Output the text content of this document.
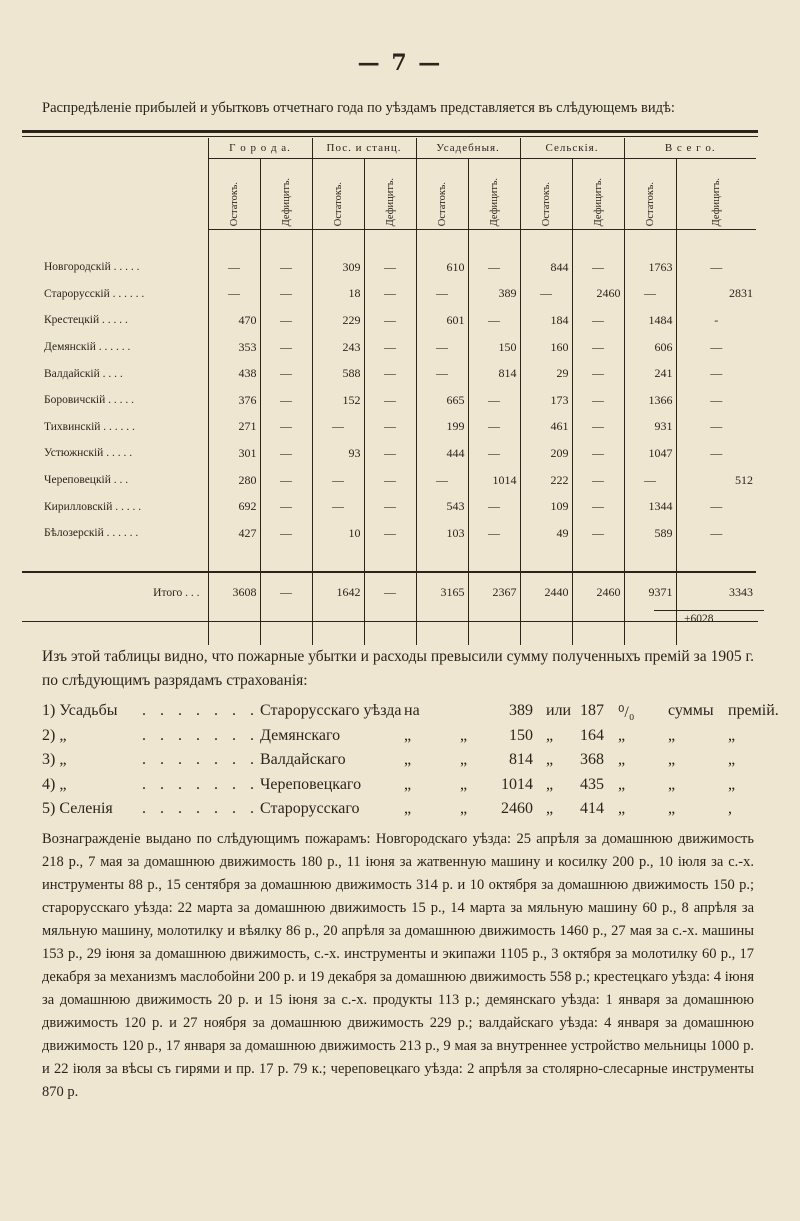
— 7 —
Распредѣленіе прибылей и убытковъ отчетнаго года по уѣздамъ представляется въ слѣдующемъ видѣ:
	Г о р о д а.		Пос. и станц.		Усадебныя.		Сельскія.		В с е г о.	
	Остатокъ.	Дефицитъ.	Остатокъ.	Дефицитъ.	Остатокъ.	Дефицитъ.	Остатокъ.	Дефицитъ.	Остатокъ.	Дефицитъ.

Новгородскій . . . . .	—	—	309	—	610	—	844	—	1763	—
Старорусскій . . . . . .	—	—	18	—	—	389	—	2460	—	2831
Крестецкій . . . . .	470	—	229	—	601	—	184	—	1484	-
Демянскій . . . . . .	353	—	243	—	—	150	160	—	606	—
Валдайскій . . . .	438	—	588	—	—	814	29	—	241	—
Боровичскій . . . . .	376	—	152	—	665	—	173	—	1366	—
Тихвинскій . . . . . .	271	—	—	—	199	—	461	—	931	—
Устюжнскій . . . . .	301	—	93	—	444	—	209	—	1047	—
Череповецкій . . .	280	—	—	—	—	1014	222	—	—	512
Кирилловскій . . . . .	692	—	—	—	543	—	109	—	1344	—
Бѣлозерскій . . . . . .	427	—	10	—	103	—	49	—	589	—

Итого . . .	3608	—	1642	—	3165	2367	2440	2460	9371	3343
									+6028	
Изъ этой таблицы видно, что пожарные убытки и расходы превысили сумму полученныхъ премій за 1905 г. по слѣдующимъ разрядамъ страхованія:
1) Усадьбы . . . . . . . Старорусскаго уѣзда на	389 или 187 ⁰/₀ суммы премій.
2) „	. . . . . . . Демянскаго	„	„	150 „	164 „	„	„
3) „	. . . . . . . Валдайскаго	„	„	814 „	368 „	„	„
4) „	. . . . . . . Череповецкаго	„	„	1014 „	435 „	„	„
5) Селенія . . . . . . . Старорусскаго	„	„	2460 „	414 „	„	,
Вознагражденіе выдано по слѣдующимъ пожарамъ: Новгородскаго уѣзда: 25 апрѣля за домашнюю движимость 218 р., 7 мая за домашнюю движимость 180 р., 11 іюня за жатвенную машину и косилку 200 р., 10 іюля за с.-х. инструменты 88 р., 15 сентября за домашнюю движимость 314 р. и 10 октября за домашнюю движимость 150 р.; старорусскаго уѣзда: 22 марта за домашнюю движимость 15 р., 14 марта за мяльную машину 60 р., 8 апрѣля за мяльную машину, молотилку и вѣялку 86 р., 20 апрѣля за домашнюю движимость 1460 р., 27 мая за с.-х. машины 153 р., 29 іюня за домашнюю движимость, с.-х. инструменты и экипажи 1105 р., 3 октября за молотилку 60 р., 17 декабря за механизмъ маслобойни 200 р. и 19 декабря за домашнюю движимость 558 р.; крестецкаго уѣзда: 4 іюня за домашнюю движимость 20 р. и 15 іюня за с.-х. продукты 113 р.; демянскаго уѣзда: 1 января за домашнюю движимость 120 р. и 27 ноября за домашнюю движимость 229 р.; валдайскаго уѣзда: 4 января за домашнюю движимость 120 р., 17 января за домашнюю движимость 213 р., 9 мая за внутреннее устройство мельницы 1000 р. и 22 іюля за вѣсы съ гирями и пр. 17 р. 79 к.; череповецкаго уѣзда: 2 апрѣля за столярно-слесарные инструменты 870 р.
